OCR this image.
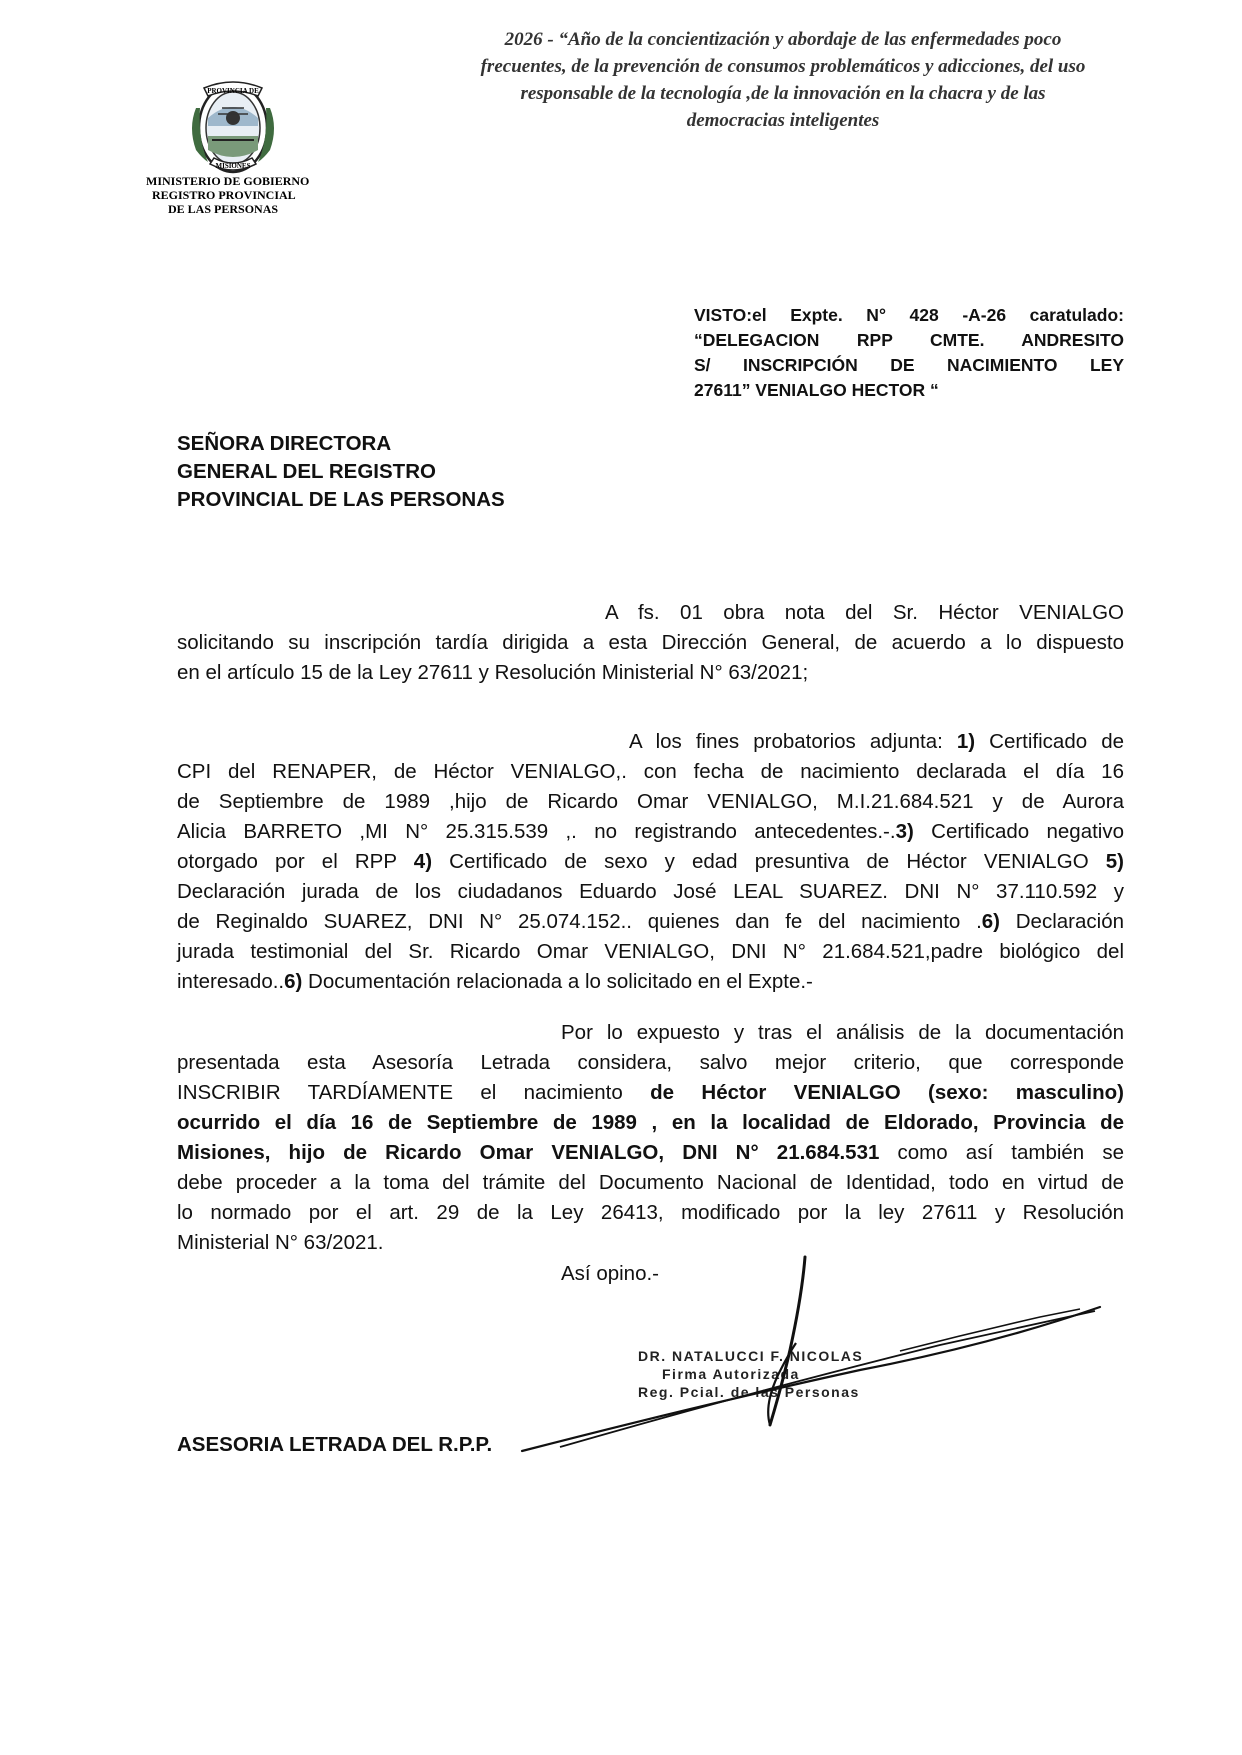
PROVINCIA DE
MISIONES
MINISTERIO DE GOBIERNO
REGISTRO PROVINCIAL
DE LAS PERSONAS
2026 - “Año de la concientización y abordaje de las enfermedades poco
frecuentes, de la prevención de consumos problemáticos y adicciones, del uso
responsable de la tecnología ,de la innovación en la chacra y de las
democracias inteligentes
VISTO:el Expte. N° 428 -A-26 caratulado:
“DELEGACION RPP CMTE. ANDRESITO
S/ INSCRIPCIÓN DE NACIMIENTO LEY
27611” VENIALGO HECTOR “
SEÑORA DIRECTORA
GENERAL DEL REGISTRO
PROVINCIAL DE LAS PERSONAS
A fs. 01 obra nota del Sr. Héctor VENIALGO
solicitando su inscripción tardía dirigida a esta Dirección General, de acuerdo a lo dispuesto
en el artículo 15 de la Ley 27611 y Resolución Ministerial N° 63/2021;
A los fines probatorios adjunta: 1) Certificado de
CPI del RENAPER, de Héctor VENIALGO,. con fecha de nacimiento declarada el día 16
de Septiembre de 1989 ,hijo de Ricardo Omar VENIALGO, M.I.21.684.521 y de Aurora
Alicia BARRETO ,MI N° 25.315.539 ,. no registrando antecedentes.-.3) Certificado negativo
otorgado por el RPP 4) Certificado de sexo y edad presuntiva de Héctor VENIALGO 5)
Declaración jurada de los ciudadanos Eduardo José LEAL SUAREZ. DNI N° 37.110.592 y
de Reginaldo SUAREZ, DNI N° 25.074.152.. quienes dan fe del nacimiento .6) Declaración
jurada testimonial del Sr. Ricardo Omar VENIALGO, DNI N° 21.684.521,padre biológico del
interesado..6) Documentación relacionada a lo solicitado en el Expte.-
Por lo expuesto y tras el análisis de la documentación
presentada esta Asesoría Letrada considera, salvo mejor criterio, que corresponde
INSCRIBIR TARDÍAMENTE el nacimiento de Héctor VENIALGO (sexo: masculino)
ocurrido el día 16 de Septiembre de 1989 , en la localidad de Eldorado, Provincia de
Misiones, hijo de Ricardo Omar VENIALGO, DNI N° 21.684.531 como así también se
debe proceder a la toma del trámite del Documento Nacional de Identidad, todo en virtud de
lo normado por el art. 29 de la Ley 26413, modificado por la ley 27611 y Resolución
Ministerial N° 63/2021.
Así opino.-
DR. NATALUCCI F. NICOLAS
Firma Autorizada
Reg. Pcial. de las Personas
ASESORIA LETRADA DEL R.P.P.
